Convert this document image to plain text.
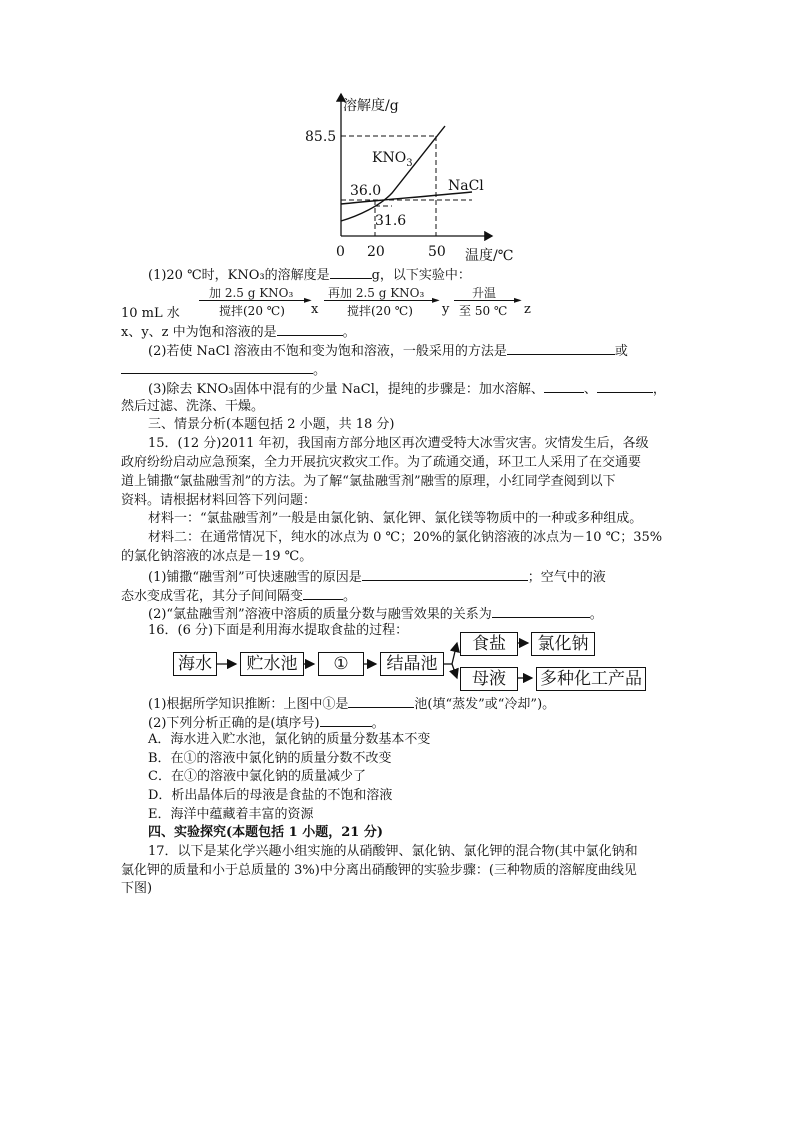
溶解度/g
温度/℃
0 20	50
85.5
36.0
31.6
$KNO_3$
NaCl
(1)20 ℃时，KNO₃的溶解度是	g，以下实验中：
10 mL 水
加 2.5 g KNO₃
►
搅拌(20 ℃) x
再加 2.5 g KNO₃
►
搅拌(20 ℃) y
升温
►
至 50 ℃ z
x、y、z 中为饱和溶液的是	。
(2)若使 NaCl 溶液由不饱和变为饱和溶液，一般采用的方法是	或
。
(3)除去 KNO₃固体中混有的少量 NaCl，提纯的步骤是：加水溶解、	、	，
然后过滤、洗涤、干燥。
三、情景分析(本题包括 2 小题，共 18 分)
15．(12 分)2011 年初，我国南方部分地区再次遭受特大冰雪灾害。灾情发生后，各级
政府纷纷启动应急预案，全力开展抗灾救灾工作。为了疏通交通，环卫工人采用了在交通要
道上铺撒“氯盐融雪剂”的方法。为了解“氯盐融雪剂”融雪的原理，小红同学查阅到以下
资料。请根据材料回答下列问题：
材料一：“氯盐融雪剂”一般是由氯化钠、氯化钾、氯化镁等物质中的一种或多种组成。
材料二：在通常情况下，纯水的冰点为 0 ℃；20%的氯化钠溶液的冰点为－10 ℃；35%
的氯化钠溶液的冰点是－19 ℃。
(1)铺撒“融雪剂”可快速融雪的原因是	；空气中的液
态水变成雪花，其分子间间隔变	。
(2)“氯盐融雪剂”溶液中溶质的质量分数与融雪效果的关系为	。
16．(6 分)下面是利用海水提取食盐的过程：
海水	贮水池	①	结晶池
食盐	氯化钠
母液	多种化工产品
(1)根据所学知识推断：上图中①是	池(填“蒸发”或“冷却”)。
(2)下列分析正确的是(填序号)	。
A．海水进入贮水池，氯化钠的质量分数基本不变
B．在①的溶液中氯化钠的质量分数不改变
C．在①的溶液中氯化钠的质量减少了
D．析出晶体后的母液是食盐的不饱和溶液
E．海洋中蕴藏着丰富的资源
四、实验探究(本题包括 1 小题，21 分)
17．以下是某化学兴趣小组实施的从硝酸钾、氯化钠、氯化钾的混合物(其中氯化钠和
氯化钾的质量和小于总质量的 3%)中分离出硝酸钾的实验步骤：(三种物质的溶解度曲线见
下图)
